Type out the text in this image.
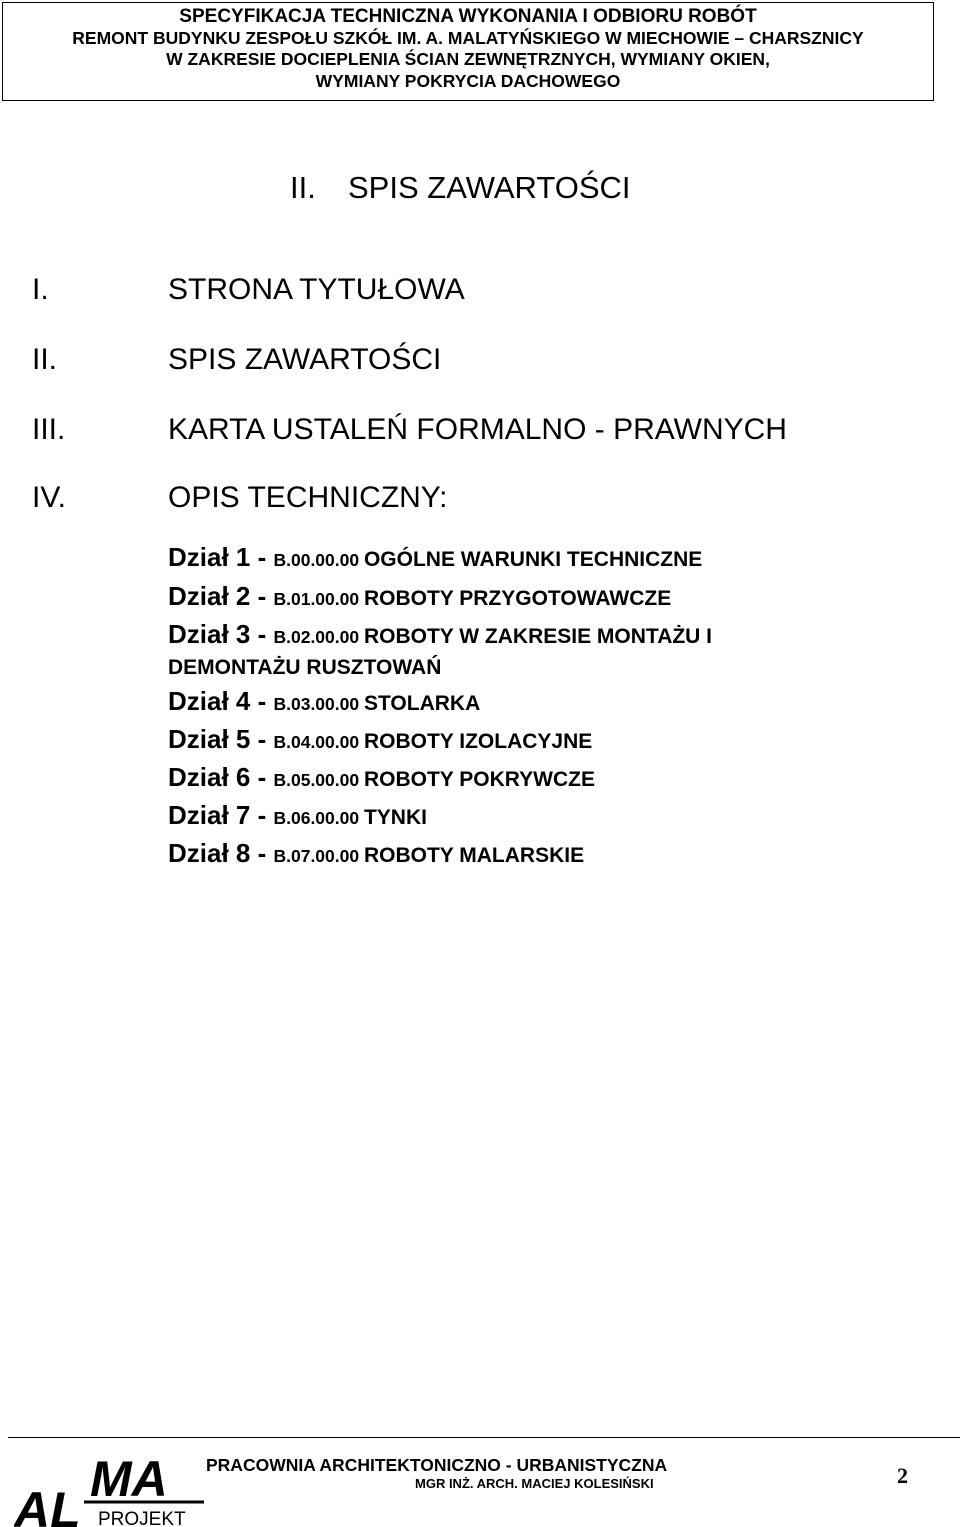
SPECYFIKACJA TECHNICZNA WYKONANIA I ODBIORU ROBÓT
REMONT BUDYNKU ZESPOŁU SZKÓŁ IM. A. MALATYŃSKIEGO W MIECHOWIE – CHARSZNICY
W ZAKRESIE DOCIEPLENIA ŚCIAN ZEWNĘTRZNYCH, WYMIANY OKIEN,
WYMIANY POKRYCIA DACHOWEGO
II. SPIS ZAWARTOŚCI
I.	STRONA TYTUŁOWA
II.	SPIS ZAWARTOŚCI
III.	KARTA USTALEŃ FORMALNO - PRAWNYCH
IV.	OPIS TECHNICZNY:
Dział 1 - B.00.00.00 OGÓLNE WARUNKI TECHNICZNE
Dział 2 - B.01.00.00 ROBOTY PRZYGOTOWAWCZE
Dział 3 - B.02.00.00 ROBOTY W ZAKRESIE MONTAŻU I
DEMONTAŻU RUSZTOWAŃ
Dział 4 - B.03.00.00 STOLARKA
Dział 5 - B.04.00.00 ROBOTY IZOLACYJNE
Dział 6 - B.05.00.00 ROBOTY POKRYWCZE
Dział 7 - B.06.00.00 TYNKI
Dział 8 - B.07.00.00 ROBOTY MALARSKIE
AL
MA
PROJEKT
PRACOWNIA ARCHITEKTONICZNO - URBANISTYCZNA
MGR INŻ. ARCH. MACIEJ KOLESIŃSKI	2
